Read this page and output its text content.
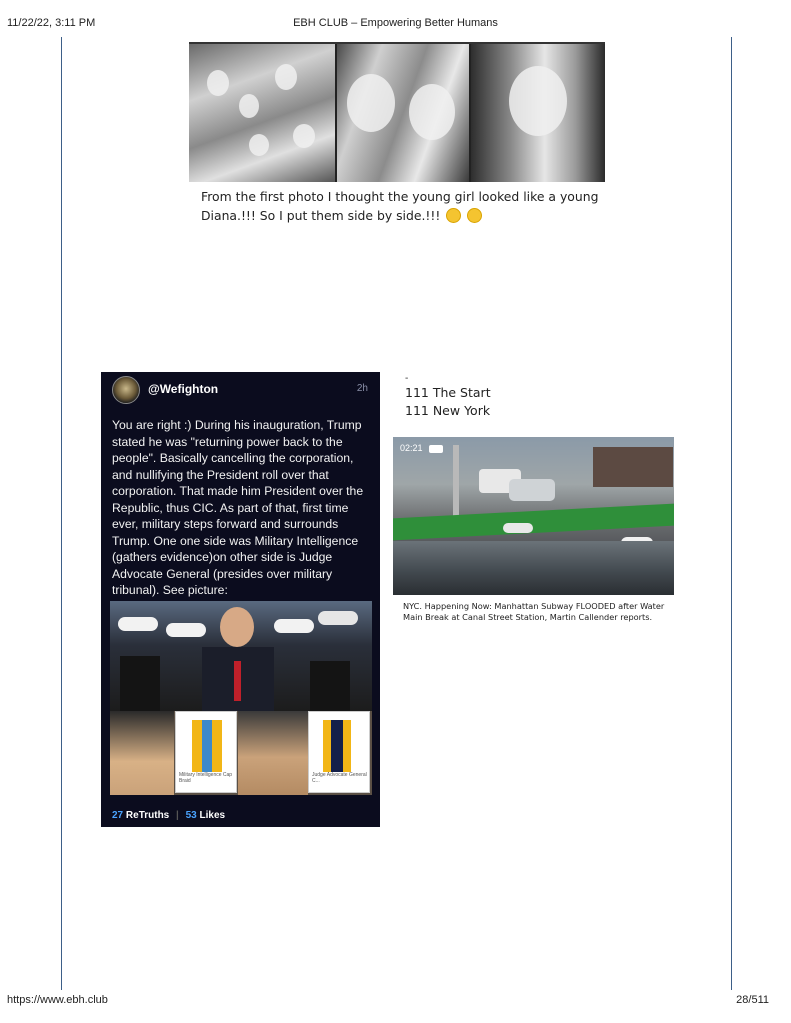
11/22/22, 3:11 PM	EBH CLUB – Empowering Better Humans
From the first photo I thought the young girl looked like a young Diana.!!! So I put them side by side.!!!
@Wefighton	2h
You are right :) During his inauguration, Trump stated he was "returning power back to the people". Basically cancelling the corporation, and nullifying the President roll over that corporation. That made him President over the Republic, thus CIC. As part of that, first time ever, military steps forward and surrounds Trump. One one side was Military Intelligence (gathers evidence)on other side is Judge Advocate General (presides over military tribunal). See picture:
Military Intelligence Cap Braid
Judge Advocate General C...
27 ReTruths | 53 Likes
-
111 The Start
111 New York
02:21
NYC. Happening Now: Manhattan Subway FLOODED after Water Main Break at Canal Street Station, Martin Callender reports.
https://www.ebh.club	28/511
